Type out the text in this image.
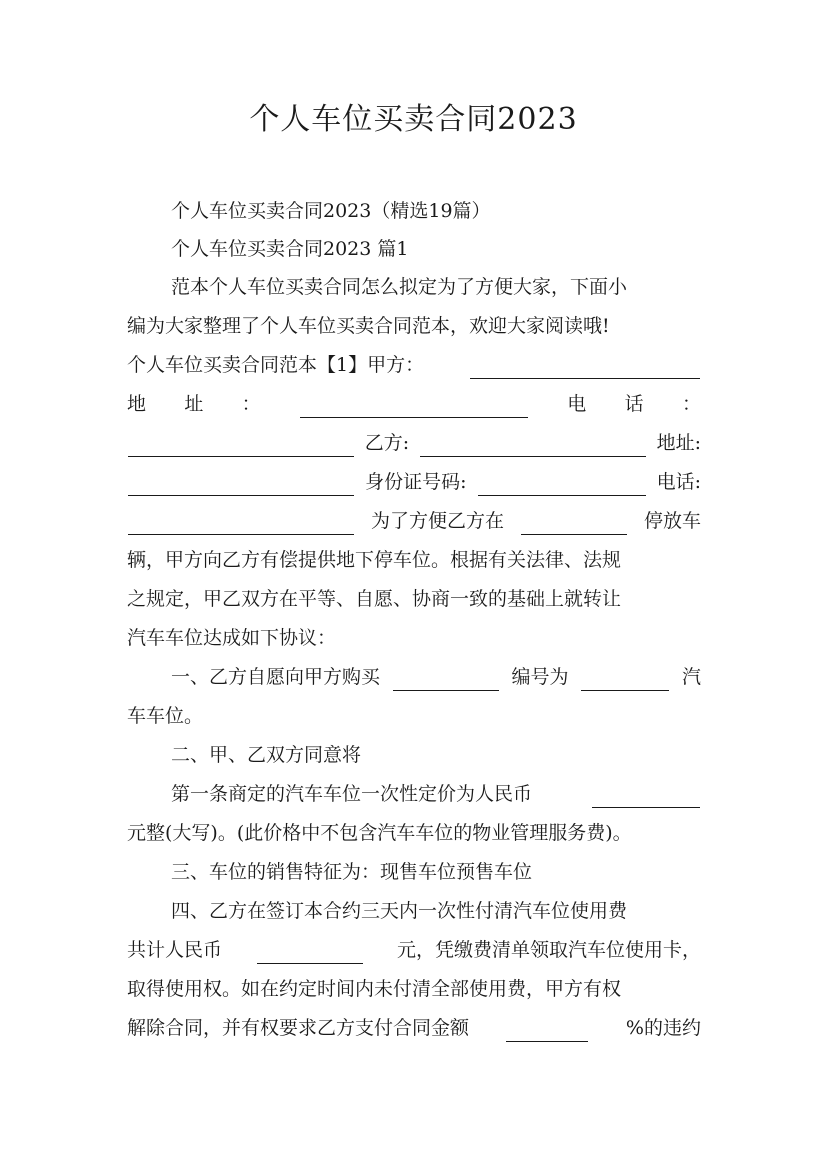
个人车位买卖合同2023
个人车位买卖合同2023（精选19篇）
个人车位买卖合同2023 篇1
范本个人车位买卖合同怎么拟定为了方便大家，下面小
编为大家整理了个人车位买卖合同范本，欢迎大家阅读哦!
个人车位买卖合同范本【1】甲方：
地 址 ：	电 话 ：
乙方:	地址:
身份证号码:	电话:
为了方便乙方在	停放车
辆，甲方向乙方有偿提供地下停车位。根据有关法律、法规
之规定，甲乙双方在平等、自愿、协商一致的基础上就转让
汽车车位达成如下协议：
一、乙方自愿向甲方购买	编号为	汽
车车位。
二、甲、乙双方同意将
第一条商定的汽车车位一次性定价为人民币
元整(大写)。(此价格中不包含汽车车位的物业管理服务费)。
三、车位的销售特征为：现售车位预售车位
四、乙方在签订本合约三天内一次性付清汽车位使用费
共计人民币	元，凭缴费清单领取汽车位使用卡，
取得使用权。如在约定时间内未付清全部使用费，甲方有权
解除合同，并有权要求乙方支付合同金额	%的违约
